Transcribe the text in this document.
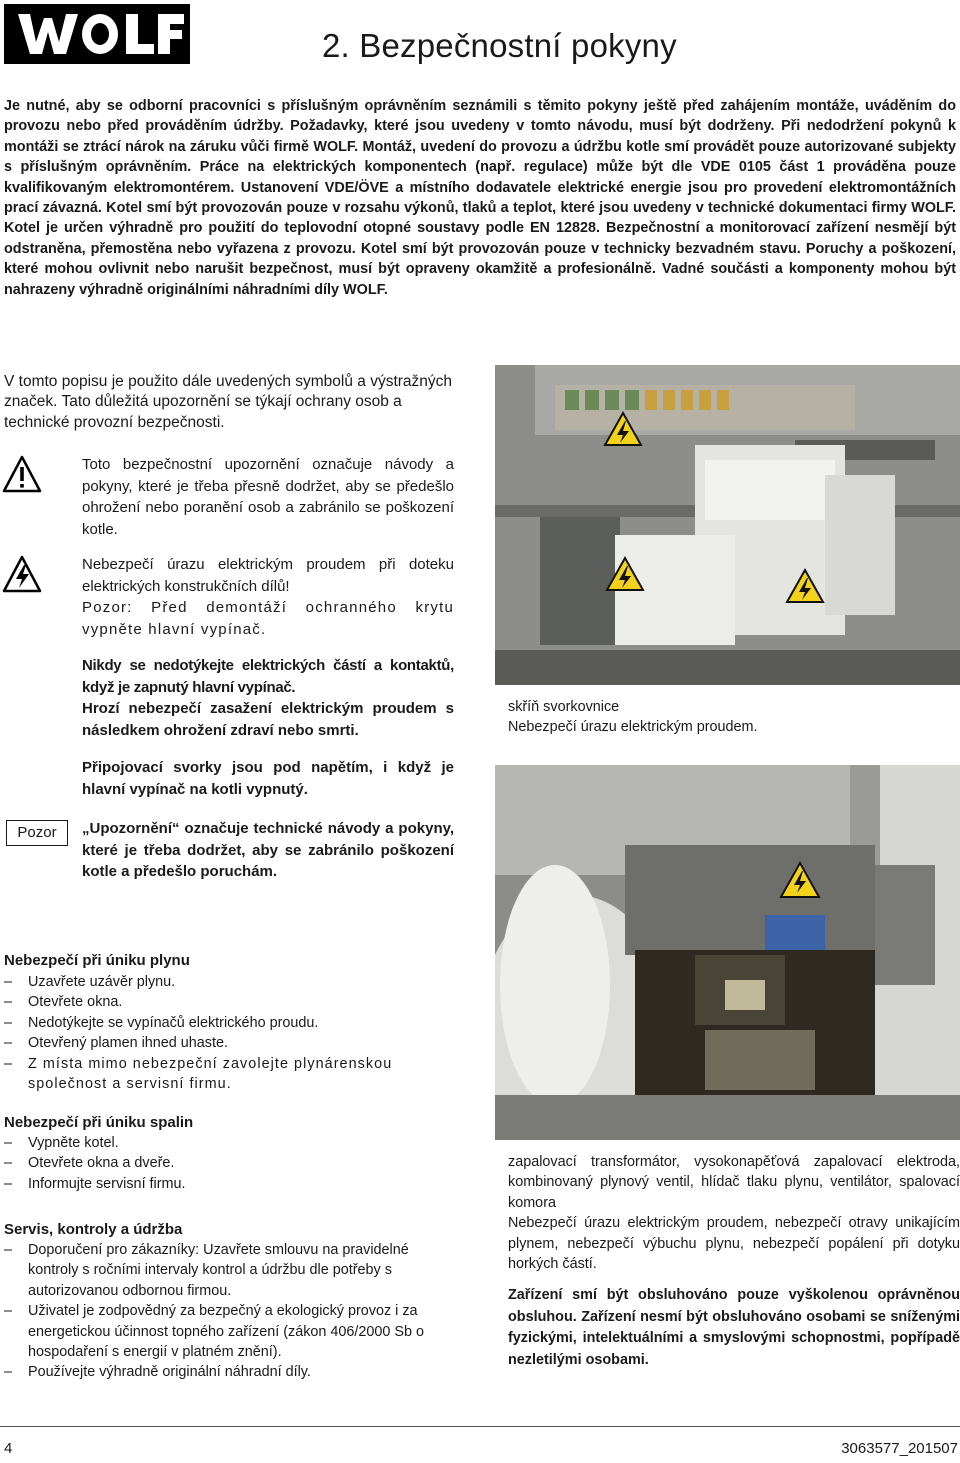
2. Bezpečnostní pokyny

Je nutné, aby se odborní pracovníci s příslušným oprávněním seznámili s těmito pokyny ještě před zahájením montáže, uváděním do provozu nebo před prováděním údržby. Požadavky, které jsou uvedeny v tomto návodu, musí být dodrženy. Při nedodržení pokynů k montáži se ztrácí nárok na záruku vůči firmě WOLF. Montáž, uvedení do provozu a údržbu kotle smí provádět pouze autorizované subjekty s příslušným oprávněním. Práce na elektrických komponentech (např. regulace) může být dle VDE 0105 část 1 prováděna pouze kvalifikovaným elektromontérem. Ustanovení VDE/ÖVE a místního dodavatele elektrické energie jsou pro provedení elektromontážních prací závazná. Kotel smí být provozován pouze v rozsahu výkonů, tlaků a teplot, které jsou uvedeny v technické dokumentaci firmy WOLF. Kotel je určen výhradně pro použití do teplovodní otopné soustavy podle EN 12828. Bezpečnostní a monitorovací zařízení nesmějí být odstraněna, přemostěna nebo vyřazena z provozu. Kotel smí být provozován pouze v technicky bezvadném stavu. Poruchy a poškození, které mohou ovlivnit nebo narušit bezpečnost, musí být opraveny okamžitě a profesionálně. Vadné součásti a komponenty mohou být nahrazeny výhradně originálními náhradními díly WOLF.

V tomto popisu je použito dále uvedených symbolů a výstražných značek. Tato důležitá upozornění se týkají ochrany osob a technické provozní bezpečnosti.

Toto bezpečnostní upozornění označuje návody a pokyny, které je třeba přesně dodržet, aby se předešlo ohrožení nebo poranění osob a zabránilo se poškození kotle.

Nebezpečí úrazu elektrickým proudem při doteku elektrických konstrukčních dílů!

Pozor: Před demontáží ochranného krytu vypněte hlavní vypínač.

Nikdy se nedotýkejte elektrických částí a kontaktů, když je zapnutý hlavní vypínač.

Hrozí nebezpečí zasažení elektrickým proudem s následkem ohrožení zdraví nebo smrti.

Připojovací svorky jsou pod napětím, i když je hlavní vypínač na kotli vypnutý.

Pozor	„Upozornění“ označuje technické návody a pokyny, které je třeba dodržet, aby se zabránilo poškození kotle a předešlo poruchám.

skříň svorkovnice

Nebezpečí úrazu elektrickým proudem.

zapalovací transformátor, vysokonapěťová zapalovací elektroda, kombinovaný plynový ventil, hlídač tlaku plynu, ventilátor, spalovací komora

Nebezpečí úrazu elektrickým proudem, nebezpečí otravy unikajícím plynem, nebezpečí výbuchu plynu, nebezpečí popálení při dotyku horkých částí.

Zařízení smí být obsluhováno pouze vyškolenou oprávněnou obsluhou. Zařízení nesmí být obsluhováno osobami se sníženými fyzickými, intelektuálními a smyslovými schopnostmi, popřípadě nezletilými osobami.

Nebezpečí při úniku plynu
– Uzavřete uzávěr plynu.
– Otevřete okna.
– Nedotýkejte se vypínačů elektrického proudu.
– Otevřený plamen ihned uhaste.
– Z místa mimo nebezpeční zavolejte plynárenskou společnost a servisní firmu.
Nebezpečí při úniku spalin
– Vypněte kotel.
– Otevřete okna a dveře.
– Informujte servisní firmu.
Servis, kontroly a údržba
– Doporučení pro zákazníky: Uzavřete smlouvu na pravidelné kontroly s ročními intervaly kontrol a údržbu dle potřeby s autorizovanou odbornou firmou.
– Uživatel je zodpovědný za bezpečný a ekologický provoz i za energetickou účinnost topného zařízení (zákon 406/2000 Sb o hospodaření s energií v platném znění).
– Používejte výhradně originální náhradní díly.
4	3063577_201507
